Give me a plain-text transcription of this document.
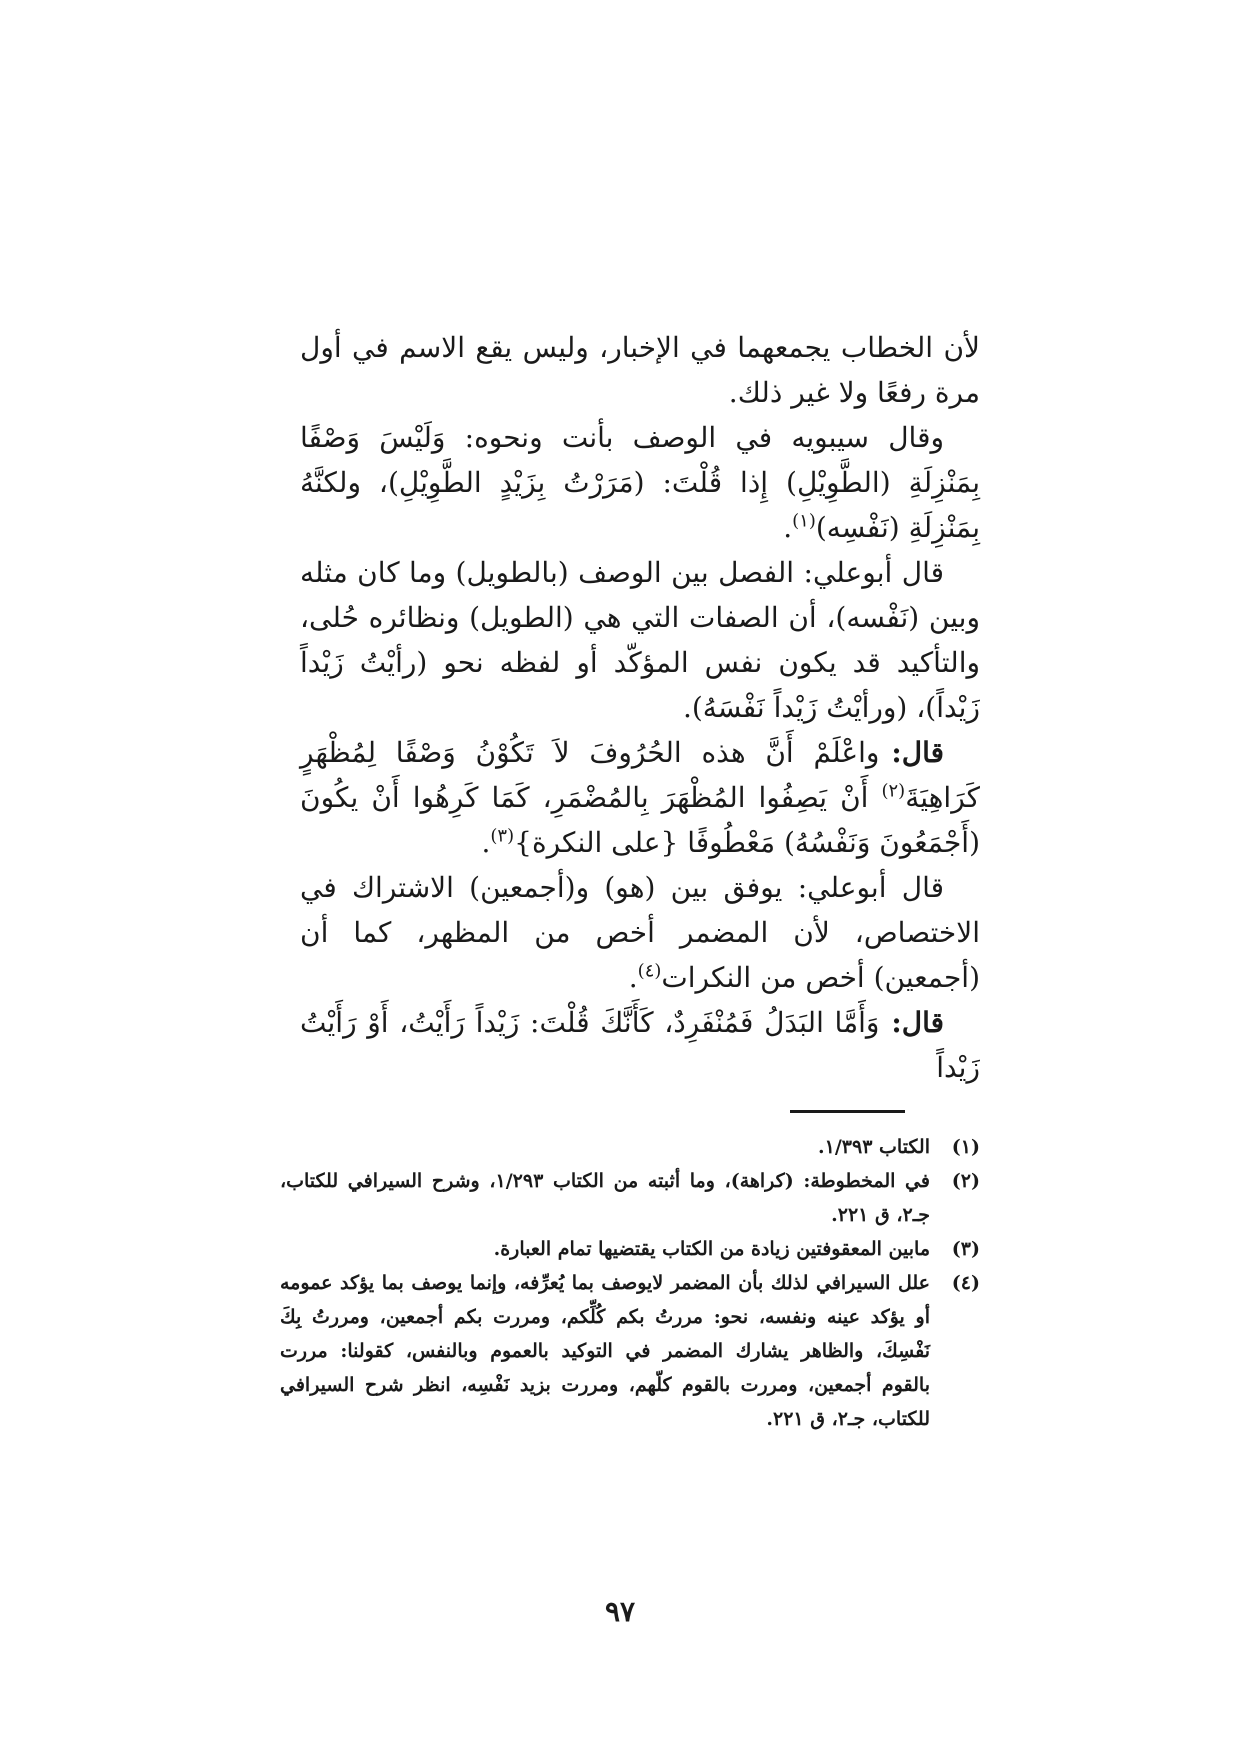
لأن الخطاب يجمعهما في الإخبار، وليس يقع الاسم في أول مرة رفعًا ولا غير ذلك.

وقال سيبويه في الوصف بأنت ونحوه: وَلَيْسَ وَصْفًا بِمَنْزِلَةِ (الطَّوِيْلِ) إِذا قُلْتَ: (مَرَرْتُ بِزَيْدٍ الطَّوِيْلِ)، ولكنَّهُ بِمَنْزِلَةِ (نَفْسِه)$^{(١)}$.

قال أبوعلي: الفصل بين الوصف (بالطويل) وما كان مثله وبين (نَفْسه)، أن الصفات التي هي (الطويل) ونظائره حُلى، والتأكيد قد يكون نفس المؤكّد أو لفظه نحو (رأيْتُ زَيْداً زَيْداً)، (ورأيْتُ زَيْداً نَفْسَهُ).

قال:واعْلَمْ أَنَّ هذه الحُرُوفَ لاَ تَكُوْنُ وَصْفًا لِمُظْهَرٍ كَرَاهِيَةَ$^{(٢)}$ أَنْ يَصِفُوا المُظْهَرَ بِالمُضْمَرِ، كَمَا كَرِهُوا أَنْ يكُونَ (أَجْمَعُونَ وَنَفْسُهُ) مَعْطُوفًا {على النكرة}$^{(٣)}$.

قال أبوعلي: يوفق بين (هو) و(أجمعين) الاشتراك في الاختصاص، لأن المضمر أخص من المظهر، كما أن (أجمعين) أخص من النكرات$^{(٤)}$.

قال:وَأَمَّا البَدَلُ فَمُنْفَرِدٌ، كَأَنَّكَ قُلْتَ: زَيْداً رَأَيْتُ، أَوْ رَأَيْتُ زَيْداً

(١)
الكتاب ١/٣٩٣.
(٢)
في المخطوطة: (كراهة)، وما أثبته من الكتاب ١/٢٩٣، وشرح السيرافي للكتاب، جـ٢، ق ٢٢١.
(٣)
مابين المعقوفتين زيادة من الكتاب يقتضيها تمام العبارة.
(٤)
علل السيرافي لذلك بأن المضمر لايوصف بما يُعرِّفه، وإنما يوصف بما يؤكد عمومه أو يؤكد عينه ونفسه، نحو: مررتُ بكم كُلِّكم، ومررت بكم أجمعين، ومررتُ بِكَ نَفْسِكَ، والظاهر يشارك المضمر في التوكيد بالعموم وبالنفس، كقولنا: مررت بالقوم أجمعين، ومررت بالقوم كلّهم، ومررت بزيد نَفْسِه، انظر شرح السيرافي للكتاب، جـ٢، ق ٢٢١.
٩٧
